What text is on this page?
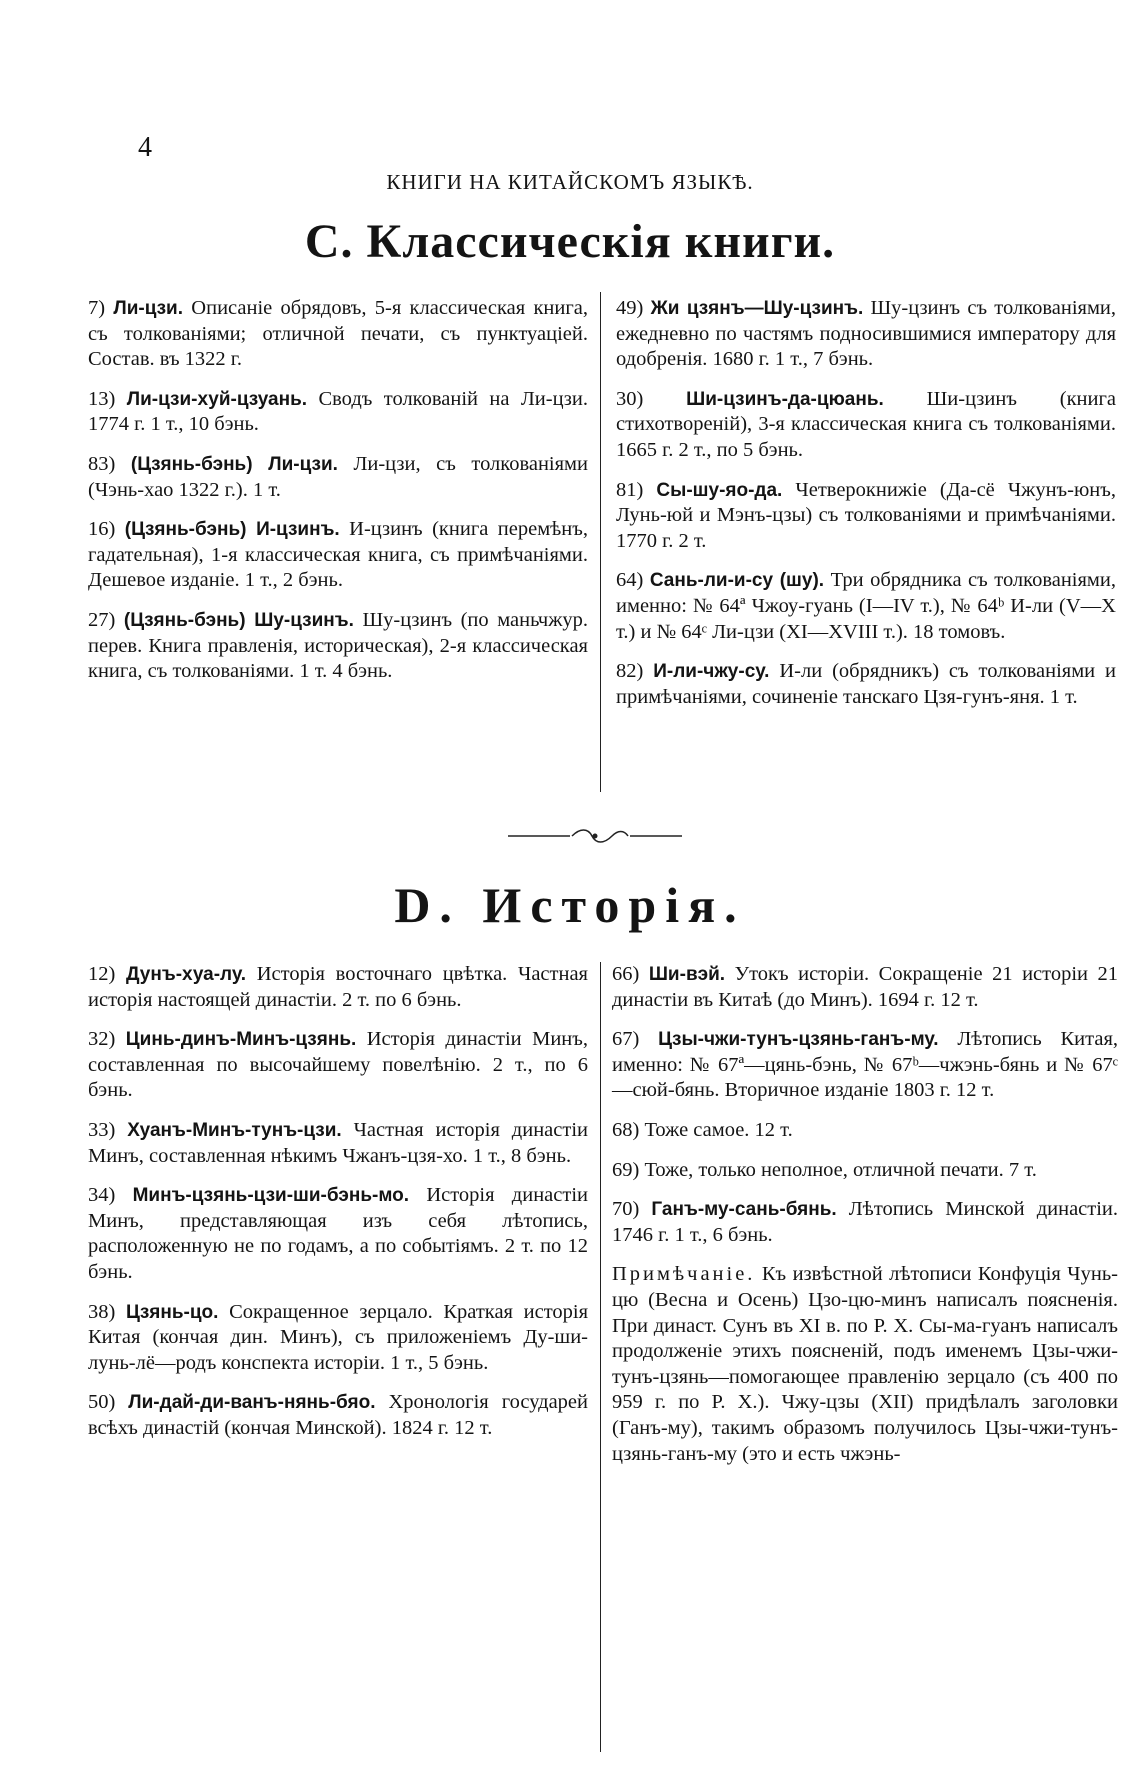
4
КНИГИ НА КИТАЙСКОМЪ ЯЗЫКѢ.
С. Классическія книги.

7) Ли-цзи. Описаніе обрядовъ, 5-я классическая книга, съ толкованіями; отличной печати, съ пунктуаціей. Состав. въ 1322 г.

13) Ли-цзи-хуй-цзуань. Сводъ толкованій на Ли-цзи. 1774 г. 1 т., 10 бэнь.

83) (Цзянь-бэнь) Ли-цзи. Ли-цзи, съ толкованіями (Чэнь-хао 1322 г.). 1 т.

16) (Цзянь-бэнь) И-цзинъ. И-цзинъ (книга перемѣнъ, гадательная), 1-я классическая книга, съ примѣчаніями. Дешевое изданіе. 1 т., 2 бэнь.

27) (Цзянь-бэнь) Шу-цзинъ. Шу-цзинъ (по маньчжур. перев. Книга правленія, историческая), 2-я классическая книга, съ толкованіями. 1 т. 4 бэнь.

49) Жи цзянъ—Шу-цзинъ. Шу-цзинъ съ толкованіями, ежедневно по частямъ подносившимися императору для одобренія. 1680 г. 1 т., 7 бэнь.

30) Ши-цзинъ-да-цюань. Ши-цзинъ (книга стихотвореній), 3-я классическая книга съ толкованіями. 1665 г. 2 т., по 5 бэнь.

81) Сы-шу-яо-да. Четверокнижіе (Да-сё Чжунъ-юнъ, Лунь-юй и Мэнъ-цзы) съ толкованіями и примѣчаніями. 1770 г. 2 т.

64) Сань-ли-и-су (шу). Три обрядника съ толкованіями, именно: № 64ª Чжоу-гуань (I—IV т.), № 64ᵇ И-ли (V—X т.) и № 64ᶜ Ли-цзи (XI—XVIII т.). 18 томовъ.

82) И-ли-чжу-су. И-ли (обрядникъ) съ толкованіями и примѣчаніями, сочиненіе танскаго Цзя-гунъ-яня. 1 т.

D. Исторія.

12) Дунъ-хуа-лу. Исторія восточнаго цвѣтка. Частная исторія настоящей династіи. 2 т. по 6 бэнь.

32) Цинь-динъ-Минъ-цзянь. Исторія династіи Минъ, составленная по высочайшему повелѣнію. 2 т., по 6 бэнь.

33) Хуанъ-Минъ-тунъ-цзи. Частная исторія династіи Минъ, составленная нѣкимъ Чжанъ-цзя-хо. 1 т., 8 бэнь.

34) Минъ-цзянь-цзи-ши-бэнь-мо. Исторія династіи Минъ, представляющая изъ себя лѣтопись, расположенную не по годамъ, а по событіямъ. 2 т. по 12 бэнь.

38) Цзянь-цо. Сокращенное зерцало. Краткая исторія Китая (кончая дин. Минъ), съ приложеніемъ Ду-ши-лунь-лё—родъ конспекта исторіи. 1 т., 5 бэнь.

50) Ли-дай-ди-ванъ-нянь-бяо. Хронологія государей всѣхъ династій (кончая Минской). 1824 г. 12 т.

66) Ши-вэй. Утокъ исторіи. Сокращеніе 21 исторіи 21 династіи въ Китаѣ (до Минъ). 1694 г. 12 т.

67) Цзы-чжи-тунъ-цзянь-ганъ-му. Лѣтопись Китая, именно: № 67ª—цянь-бэнь, № 67ᵇ—чжэнь-бянь и № 67ᶜ—сюй-бянь. Вторичное изданіе 1803 г. 12 т.

68) Тоже самое. 12 т.

69) Тоже, только неполное, отличной печати. 7 т.

70) Ганъ-му-сань-бянь. Лѣтопись Минской династіи. 1746 г. 1 т., 6 бэнь.

Примѣчаніе. Къ извѣстной лѣтописи Конфуція Чунь-цю (Весна и Осень) Цзо-цю-минъ написалъ поясненія. При династ. Сунъ въ XI в. по Р. Х. Сы-ма-гуанъ написалъ продолженіе этихъ поясненій, подъ именемъ Цзы-чжи-тунъ-цзянь—помогающее правленію зерцало (съ 400 по 959 г. по Р. Х.). Чжу-цзы (XII) придѣлалъ заголовки (Ганъ-му), такимъ образомъ получилось Цзы-чжи-тунъ-цзянь-ганъ-му (это и есть чжэнь-
